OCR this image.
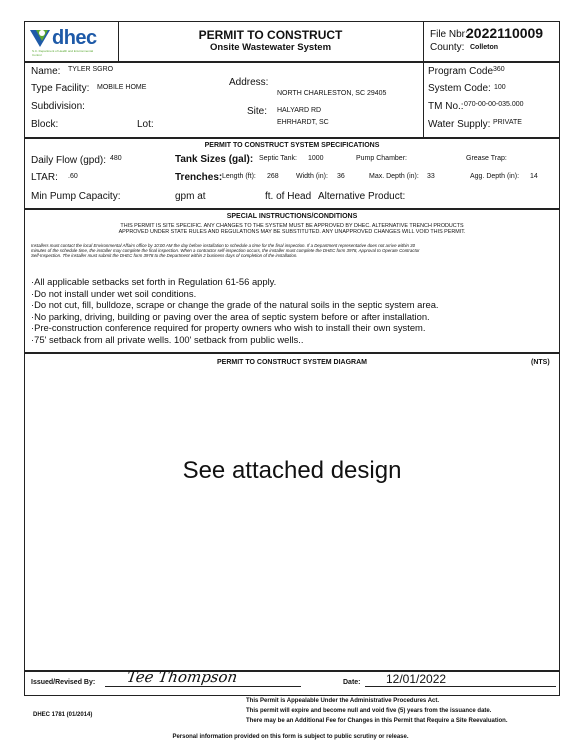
dhec
S.C. Department of Health and Environmental Control
PERMIT TO CONSTRUCT
Onsite Wastewater System
File Nbr:
2022110009
County: Colleton
Name: TYLER SGRO
Type Facility: MOBILE HOME
Subdivision:
Block:	Lot:
Address:
NORTH CHARLESTON, SC 29405
Site: HALYARD RD
EHRHARDT, SC
Program Code 360
System Code: 100
TM No.: 070-00-00-035.000
Water Supply: PRIVATE
PERMIT TO CONSTRUCT SYSTEM SPECIFICATIONS
Daily Flow (gpd): 480	Tank Sizes (gal): Septic Tank: 1000	Pump Chamber:	Grease Trap:
LTAR: .60	Trenches: Length (ft): 268 Width (in): 36	Max. Depth (in): 33	Agg. Depth (in): 14
Min Pump Capacity:	gpm at	ft. of Head Alternative Product:
SPECIAL INSTRUCTIONS/CONDITIONS
THIS PERMIT IS SITE SPECIFIC. ANY CHANGES TO THE SYSTEM MUST BE APPROVED BY DHEC. ALTERNATIVE TRENCH PRODUCTS
APPROVED UNDER STATE RULES AND REGULATIONS MAY BE SUBSTITUTED. ANY UNAPPROVED CHANGES WILL VOID THIS PERMIT.
Installers must contact the local Environmental Affairs office by 10:00 AM the day before installation to schedule a time for the final inspection. If a Department representative does not arrive within 30
minutes of the schedule time, the installer may complete the final inspection. When a contractor self-inspection occurs, the installer must complete the DHEC form 3978, Approval to Operate Contractor
Self-Inspection. The installer must submit the DHEC form 3978 to the Department within 2 business days of completion of the installation.
·All applicable setbacks set forth in Regulation 61-56 apply.
·Do not install under wet soil conditions.
·Do not cut, fill, bulldoze, scrape or change the grade of the natural soils in the septic system area.
·No parking, driving, building or paving over the area of septic system before or after installation.
·Pre-construction conference required for property owners who wish to install their own system.
·75' setback from all private wells. 100' setback from public wells..
PERMIT TO CONSTRUCT SYSTEM DIAGRAM	(NTS)
See attached design
Issued/Revised By: Tee Thompson	Date: 12/01/2022
DHEC 1781 (01/2014)
This Permit is Appealable Under the Administrative Procedures Act.
This permit will expire and become null and void five (5) years from the issuance date.
There may be an Additional Fee for Changes in this Permit that Require a Site Reevaluation.
Personal information provided on this form is subject to public scrutiny or release.
